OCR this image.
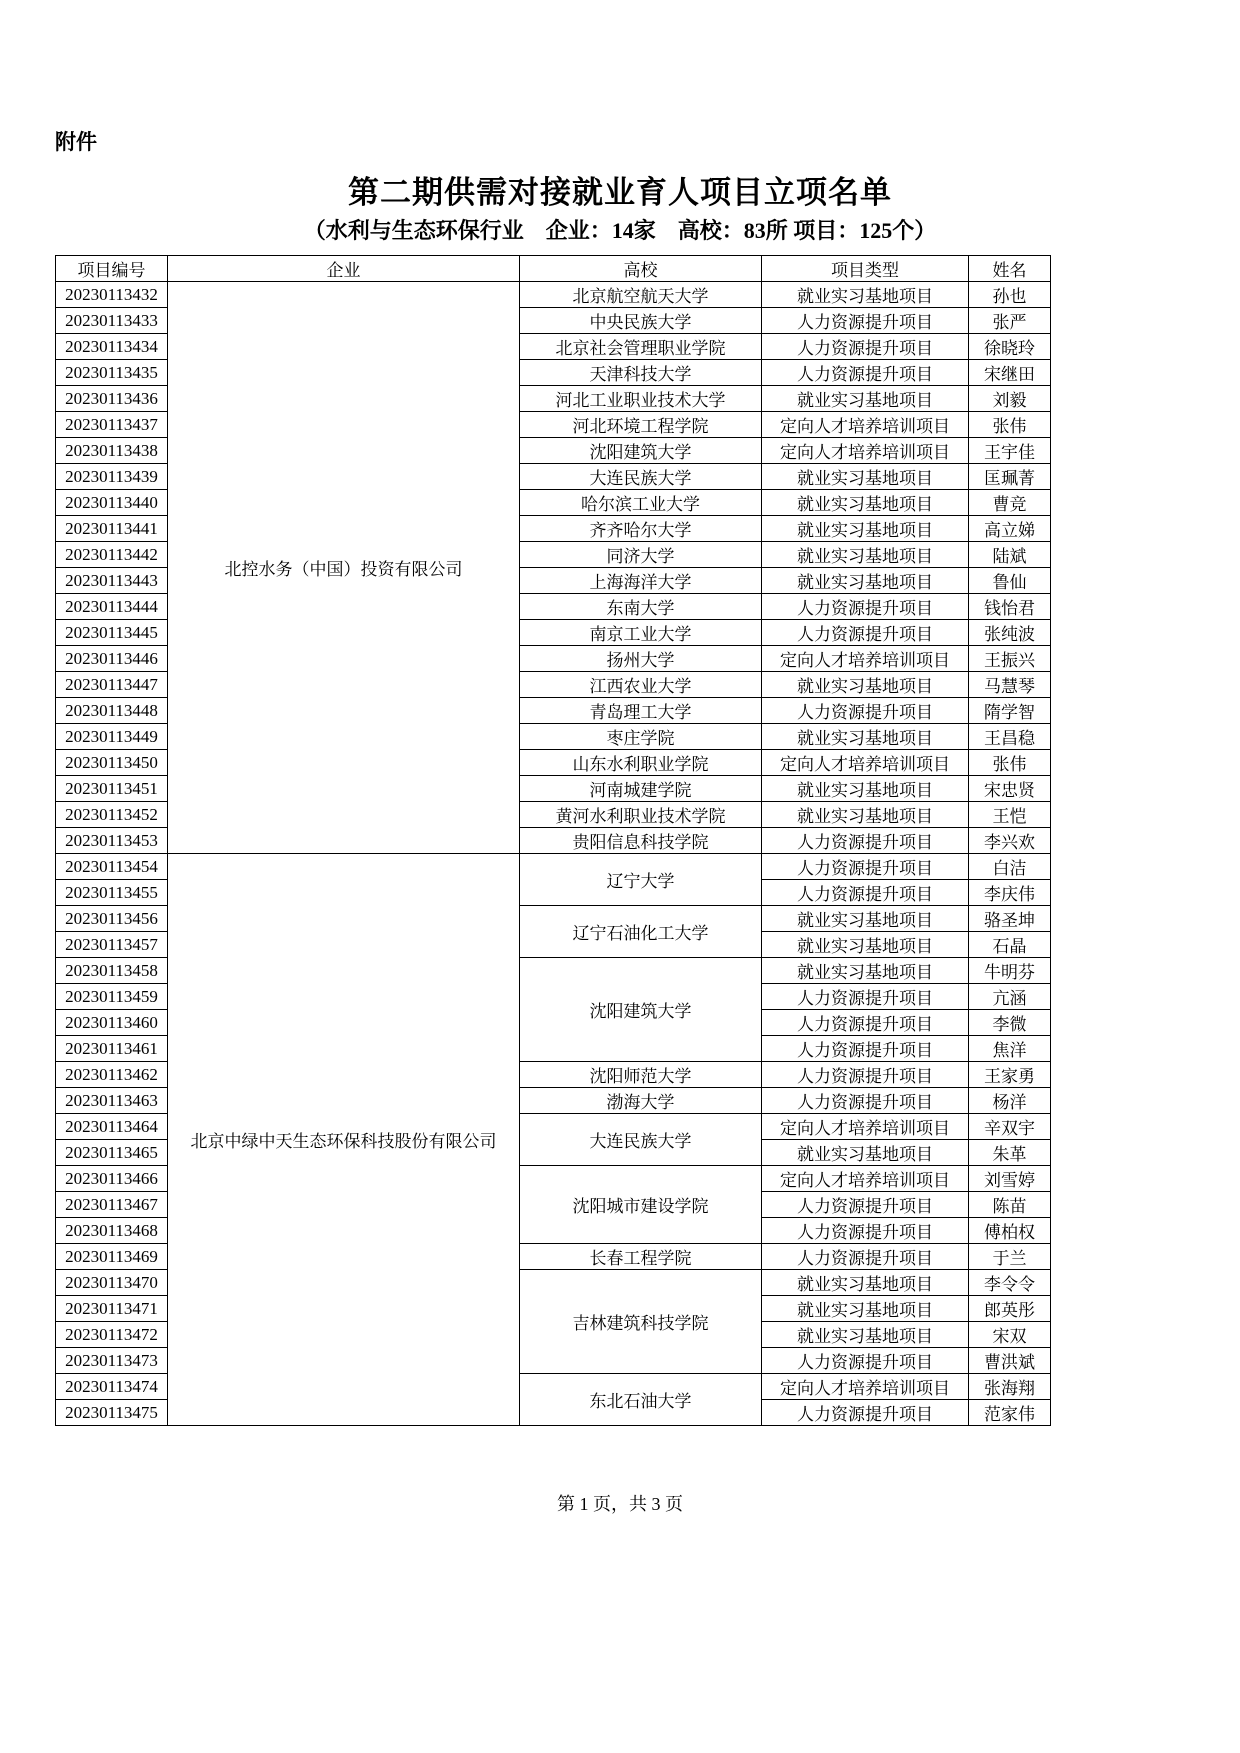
附件
第二期供需对接就业育人项目立项名单
（水利与生态环保行业　企业：14家　高校：83所 项目：125个）
项目编号	企业	高校	项目类型	姓名
20230113432	北控水务（中国）投资有限公司	北京航空航天大学	就业实习基地项目	孙也
20230113433		中央民族大学	人力资源提升项目	张严
20230113434		北京社会管理职业学院	人力资源提升项目	徐晓玲
20230113435		天津科技大学	人力资源提升项目	宋继田
20230113436		河北工业职业技术大学	就业实习基地项目	刘毅
20230113437		河北环境工程学院	定向人才培养培训项目	张伟
20230113438		沈阳建筑大学	定向人才培养培训项目	王宇佳
20230113439		大连民族大学	就业实习基地项目	匡珮菁
20230113440		哈尔滨工业大学	就业实习基地项目	曹竞
20230113441		齐齐哈尔大学	就业实习基地项目	高立娣
20230113442		同济大学	就业实习基地项目	陆斌
20230113443		上海海洋大学	就业实习基地项目	鲁仙
20230113444		东南大学	人力资源提升项目	钱怡君
20230113445		南京工业大学	人力资源提升项目	张纯波
20230113446		扬州大学	定向人才培养培训项目	王振兴
20230113447		江西农业大学	就业实习基地项目	马慧琴
20230113448		青岛理工大学	人力资源提升项目	隋学智
20230113449		枣庄学院	就业实习基地项目	王昌稳
20230113450		山东水利职业学院	定向人才培养培训项目	张伟
20230113451		河南城建学院	就业实习基地项目	宋忠贤
20230113452		黄河水利职业技术学院	就业实习基地项目	王恺
20230113453		贵阳信息科技学院	人力资源提升项目	李兴欢
20230113454	北京中绿中天生态环保科技股份有限公司	辽宁大学	人力资源提升项目	白洁
20230113455			人力资源提升项目	李庆伟
20230113456		辽宁石油化工大学	就业实习基地项目	骆圣坤
20230113457			就业实习基地项目	石晶
20230113458		沈阳建筑大学	就业实习基地项目	牛明芬
20230113459			人力资源提升项目	亢涵
20230113460			人力资源提升项目	李微
20230113461			人力资源提升项目	焦洋
20230113462		沈阳师范大学	人力资源提升项目	王家勇
20230113463		渤海大学	人力资源提升项目	杨洋
20230113464		大连民族大学	定向人才培养培训项目	辛双宇
20230113465			就业实习基地项目	朱革
20230113466		沈阳城市建设学院	定向人才培养培训项目	刘雪婷
20230113467			人力资源提升项目	陈苗
20230113468			人力资源提升项目	傅柏权
20230113469		长春工程学院	人力资源提升项目	于兰
20230113470		吉林建筑科技学院	就业实习基地项目	李令令
20230113471			就业实习基地项目	郎英彤
20230113472			就业实习基地项目	宋双
20230113473			人力资源提升项目	曹洪斌
20230113474		东北石油大学	定向人才培养培训项目	张海翔
20230113475			人力资源提升项目	范家伟
第 1 页，共 3 页
